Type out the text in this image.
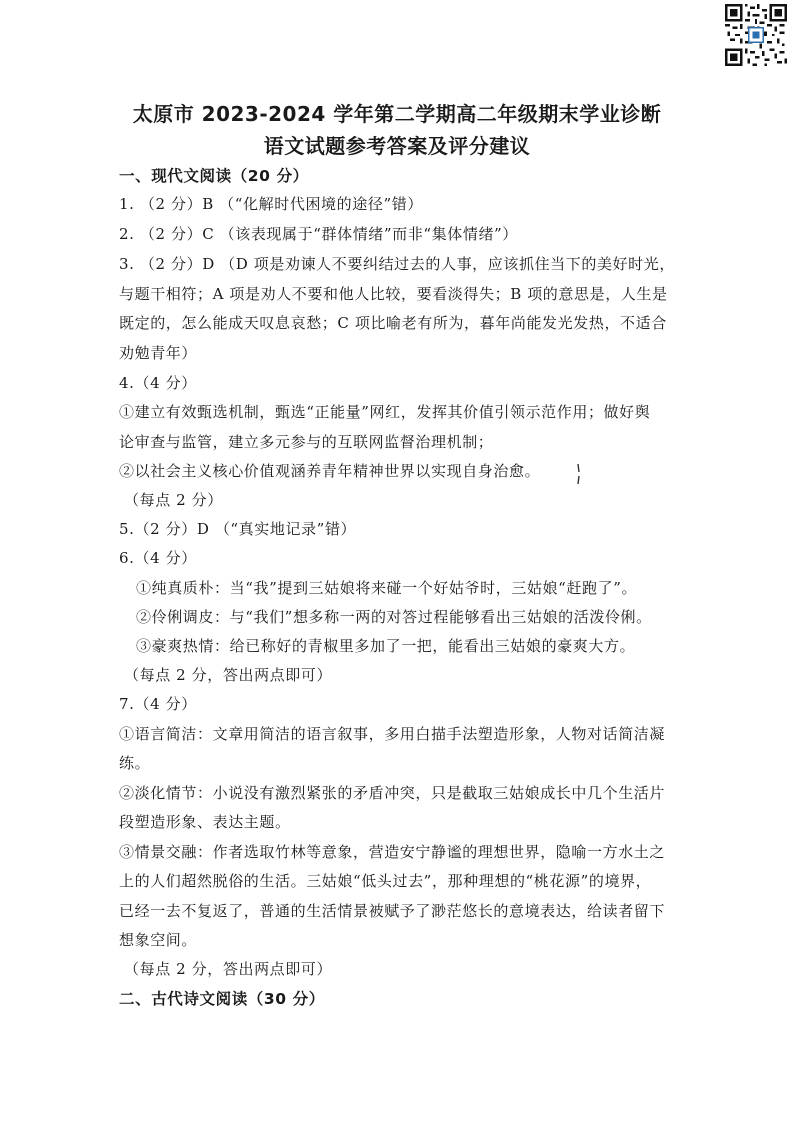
太原市 2023-2024 学年第二学期高二年级期末学业诊断
语文试题参考答案及评分建议
一、现代文阅读（20 分）
1. （2 分）B （“化解时代困境的途径”错）
2. （2 分）C （该表现属于“群体情绪”而非“集体情绪”）
3. （2 分）D （D 项是劝谏人不要纠结过去的人事，应该抓住当下的美好时光，
与题干相符；A 项是劝人不要和他人比较，要看淡得失；B 项的意思是，人生是
既定的，怎么能成天叹息哀愁；C 项比喻老有所为，暮年尚能发光发热，不适合
劝勉青年）
4.（4 分）
①建立有效甄选机制，甄选“正能量”网红，发挥其价值引领示范作用；做好舆
论审查与监管，建立多元参与的互联网监督治理机制；
②以社会主义核心价值观涵养青年精神世界以实现自身治愈。
（每点 2 分）
5.（2 分）D （“真实地记录”错）
6.（4 分）
①纯真质朴：当“我”提到三姑娘将来碰一个好姑爷时，三姑娘“赶跑了”。
②伶俐调皮：与“我们”想多称一两的对答过程能够看出三姑娘的活泼伶俐。
③豪爽热情：给已称好的青椒里多加了一把，能看出三姑娘的豪爽大方。
（每点 2 分，答出两点即可）
7.（4 分）
①语言简洁：文章用简洁的语言叙事，多用白描手法塑造形象，人物对话简洁凝
练。
②淡化情节：小说没有激烈紧张的矛盾冲突，只是截取三姑娘成长中几个生活片
段塑造形象、表达主题。
③情景交融：作者选取竹林等意象，营造安宁静谧的理想世界，隐喻一方水土之
上的人们超然脱俗的生活。三姑娘“低头过去”，那种理想的“桃花源”的境界，
已经一去不复返了，普通的生活情景被赋予了渺茫悠长的意境表达，给读者留下
想象空间。
（每点 2 分，答出两点即可）
二、古代诗文阅读（30 分）
